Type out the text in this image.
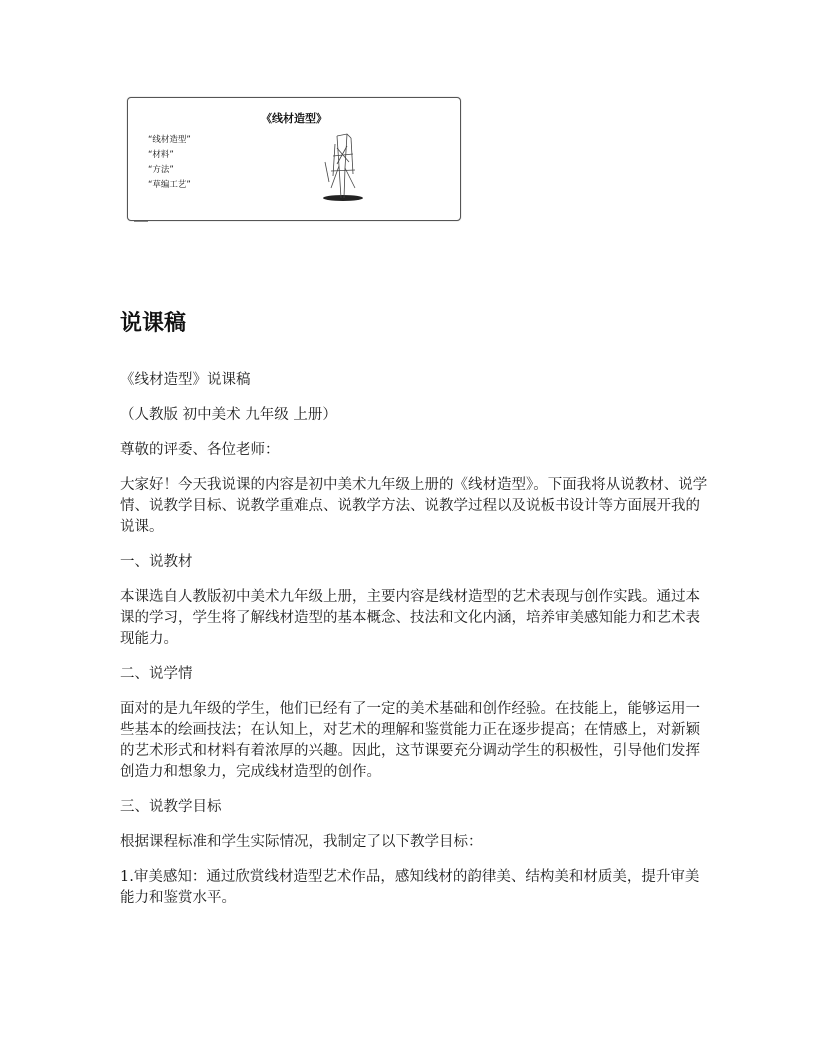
《线材造型》
“线材造型”
“材料”
“方法”
“草编工艺”
说课稿

《线材造型》说课稿

（人教版 初中美术 九年级 上册）

尊敬的评委、各位老师：

大家好！今天我说课的内容是初中美术九年级上册的《线材造型》。下面我将从说教材、说学情、说教学目标、说教学重难点、说教学方法、说教学过程以及说板书设计等方面展开我的说课。

一、说教材

本课选自人教版初中美术九年级上册，主要内容是线材造型的艺术表现与创作实践。通过本课的学习，学生将了解线材造型的基本概念、技法和文化内涵，培养审美感知能力和艺术表现能力。

二、说学情

面对的是九年级的学生，他们已经有了一定的美术基础和创作经验。在技能上，能够运用一些基本的绘画技法；在认知上，对艺术的理解和鉴赏能力正在逐步提高；在情感上，对新颖的艺术形式和材料有着浓厚的兴趣。因此，这节课要充分调动学生的积极性，引导他们发挥创造力和想象力，完成线材造型的创作。

三、说教学目标

根据课程标准和学生实际情况，我制定了以下教学目标：

1.审美感知：通过欣赏线材造型艺术作品，感知线材的韵律美、结构美和材质美，提升审美能力和鉴赏水平。
